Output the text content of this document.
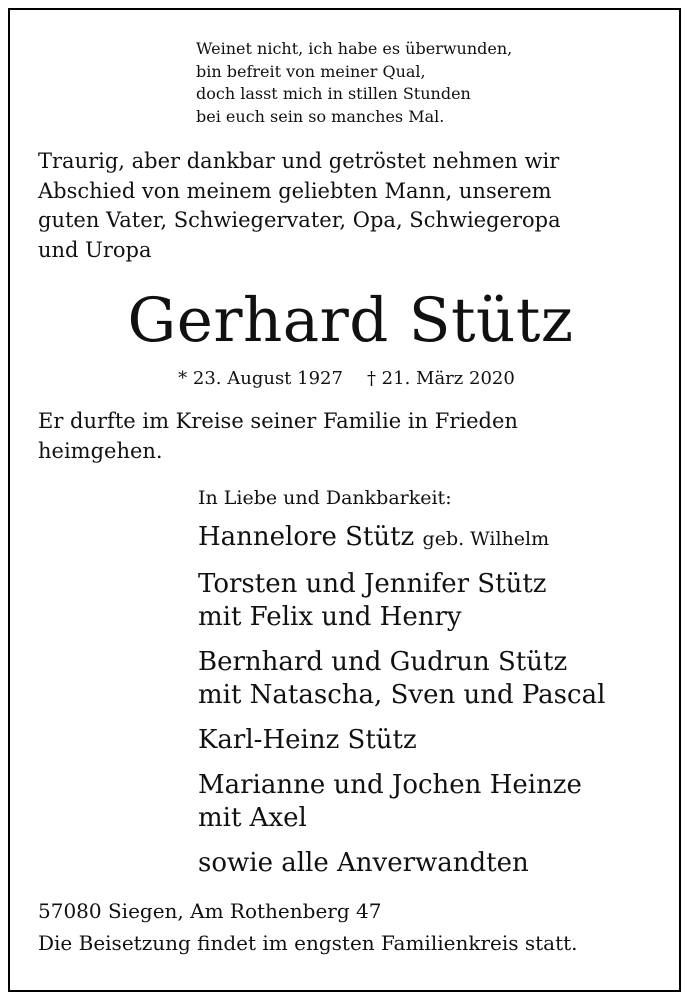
Weinet nicht, ich habe es überwunden,
bin befreit von meiner Qual,
doch lasst mich in stillen Stunden
bei euch sein so manches Mal.

Traurig, aber dankbar und getröstet nehmen wir
Abschied von meinem geliebten Mann, unserem
guten Vater, Schwiegervater, Opa, Schwiegeropa
und Uropa

Gerhard Stütz

* 23. August 1927 † 21. März 2020

Er durfte im Kreise seiner Familie in Frieden
heimgehen.

In Liebe und Dankbarkeit:

Hannelore Stütz geb. Wilhelm
Torsten und Jennifer Stütz
mit Felix und Henry
Bernhard und Gudrun Stütz
mit Natascha, Sven und Pascal
Karl-Heinz Stütz
Marianne und Jochen Heinze
mit Axel
sowie alle Anverwandten

57080 Siegen, Am Rothenberg 47

Die Beisetzung findet im engsten Familienkreis statt.
